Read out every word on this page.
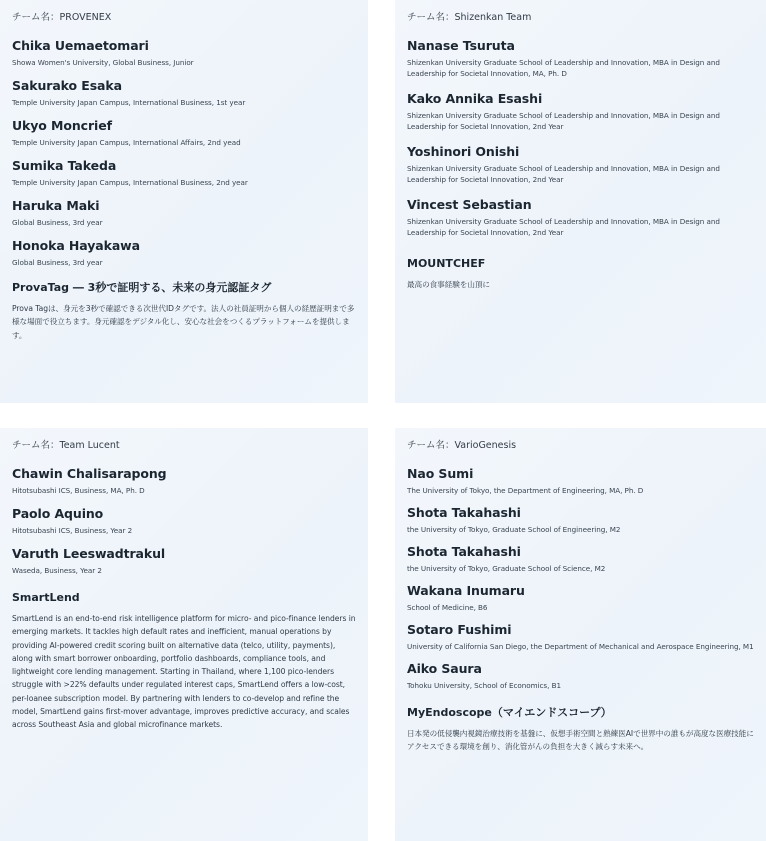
チーム名：PROVENEX
Chika Uemaetomari
Showa Women's University, Global Business, Junior
Sakurako Esaka
Temple University Japan Campus, International Business, 1st year
Ukyo Moncrief
Temple University Japan Campus, International Affairs, 2nd yead
Sumika Takeda
Temple University Japan Campus, International Business, 2nd year
Haruka Maki
Global Business, 3rd year
Honoka Hayakawa
Global Business, 3rd year
ProvaTag ― 3秒で証明する、未来の身元認証タグ
Prova Tagは、身元を3秒で確認できる次世代IDタグです。法人の社員証明から個人の経歴証明まで多様な場面で役立ちます。身元確認をデジタル化し、安心な社会をつくるプラットフォームを提供します。
チーム名：Shizenkan Team
Nanase Tsuruta
Shizenkan University Graduate School of Leadership and Innovation, MBA in Design and Leadership for Societal Innovation, MA, Ph. D
Kako Annika Esashi
Shizenkan University Graduate School of Leadership and Innovation, MBA in Design and Leadership for Societal Innovation, 2nd Year
Yoshinori Onishi
Shizenkan University Graduate School of Leadership and Innovation, MBA in Design and Leadership for Societal Innovation, 2nd Year
Vincest Sebastian
Shizenkan University Graduate School of Leadership and Innovation, MBA in Design and Leadership for Societal Innovation, 2nd Year
MOUNTCHEF
最高の食事経験を山頂に
チーム名：Team Lucent
Chawin Chalisarapong
Hitotsubashi ICS, Business, MA, Ph. D
Paolo Aquino
Hitotsubashi ICS, Business, Year 2
Varuth Leeswadtrakul
Waseda, Business, Year 2
SmartLend
SmartLend is an end-to-end risk intelligence platform for micro- and pico-finance lenders in emerging markets. It tackles high default rates and inefficient, manual operations by providing AI-powered credit scoring built on alternative data (telco, utility, payments), along with smart borrower onboarding, portfolio dashboards, compliance tools, and lightweight core lending management. Starting in Thailand, where 1,100 pico-lenders struggle with >22% defaults under regulated interest caps, SmartLend offers a low-cost, per-loanee subscription model. By partnering with lenders to co-develop and refine the model, SmartLend gains first-mover advantage, improves predictive accuracy, and scales across Southeast Asia and global microfinance markets.
チーム名：VarioGenesis
Nao Sumi
The University of Tokyo, the Department of Engineering, MA, Ph. D
Shota Takahashi
the University of Tokyo, Graduate School of Engineering, M2
Shota Takahashi
the University of Tokyo, Graduate School of Science, M2
Wakana Inumaru
School of Medicine, B6
Sotaro Fushimi
University of California San Diego, the Department of Mechanical and Aerospace Engineering, M1
Aiko Saura
Tohoku University, School of Economics, B1
MyEndoscope（マイエンドスコープ）
日本発の低侵襲内視鏡治療技術を基盤に、仮想手術空間と熟練医AIで世界中の誰もが高度な医療技能にアクセスできる環境を創り、消化管がんの負担を大きく減らす未来へ。
